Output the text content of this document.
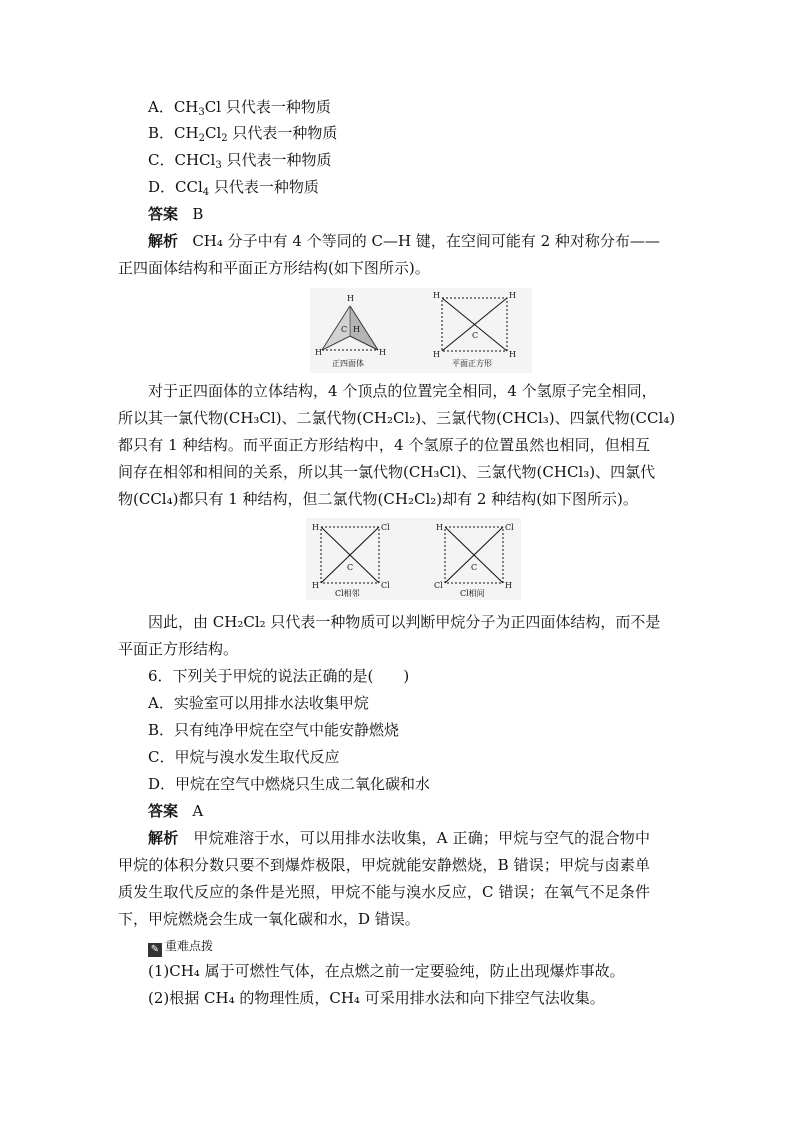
A．$CH_3Cl$ 只代表一种物质
B．$CH_2Cl_2$ 只代表一种物质
C．CHCl$_3$ 只代表一种物质
D．CCl$_4$ 只代表一种物质
答案 B
解析 CH₄ 分子中有 4 个等同的 C—H 键，在空间可能有 2 种对称分布——
正四面体结构和平面正方形结构(如下图所示)。
H
H	H
H
C
正四面体
H	H
H	H
C
平面正方形
对于正四面体的立体结构，4 个顶点的位置完全相同，4 个氢原子完全相同，
所以其一氯代物(CH₃Cl)、二氯代物(CH₂Cl₂)、三氯代物(CHCl₃)、四氯代物(CCl₄)
都只有 1 种结构。而平面正方形结构中，4 个氢原子的位置虽然也相同，但相互
间存在相邻和相间的关系，所以其一氯代物(CH₃Cl)、三氯代物(CHCl₃)、四氯代
物(CCl₄)都只有 1 种结构，但二氯代物(CH₂Cl₂)却有 2 种结构(如下图所示)。
H	Cl
H	Cl
C
Cl相邻
H	Cl
Cl	H
C
Cl相间
因此，由 CH₂Cl₂ 只代表一种物质可以判断甲烷分子为正四面体结构，而不是
平面正方形结构。
6．下列关于甲烷的说法正确的是(　　)
A．实验室可以用排水法收集甲烷
B．只有纯净甲烷在空气中能安静燃烧
C．甲烷与溴水发生取代反应
D．甲烷在空气中燃烧只生成二氧化碳和水
答案 A
解析 甲烷难溶于水，可以用排水法收集，A 正确；甲烷与空气的混合物中
甲烷的体积分数只要不到爆炸极限，甲烷就能安静燃烧，B 错误；甲烷与卤素单
质发生取代反应的条件是光照，甲烷不能与溴水反应，C 错误；在氧气不足条件
下，甲烷燃烧会生成一氧化碳和水，D 错误。
✎ 重难点拨
(1)CH₄ 属于可燃性气体，在点燃之前一定要验纯，防止出现爆炸事故。
(2)根据 CH₄ 的物理性质，CH₄ 可采用排水法和向下排空气法收集。
